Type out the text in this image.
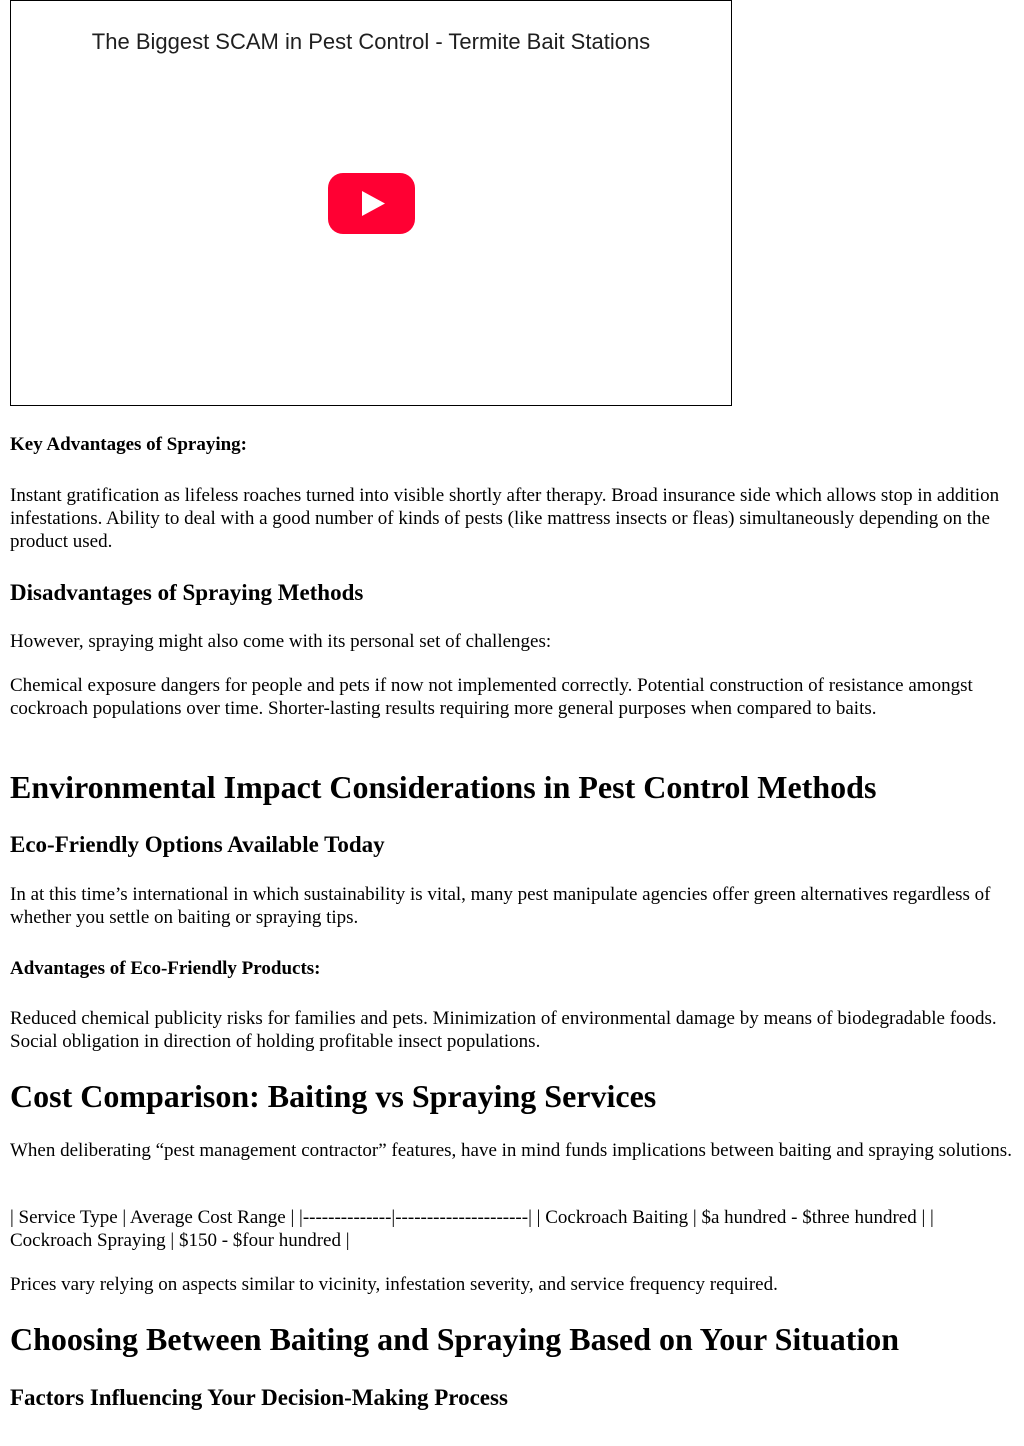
The Biggest SCAM in Pest Control - Termite Bait Stations
Key Advantages of Spraying:

Instant gratification as lifeless roaches turned into visible shortly after therapy. Broad insurance side which allows stop in addition infestations. Ability to deal with a good number of kinds of pests (like mattress insects or fleas) simultaneously depending on the product used.

Disadvantages of Spraying Methods

However, spraying might also come with its personal set of challenges:

Chemical exposure dangers for people and pets if now not implemented correctly. Potential construction of resistance amongst cockroach populations over time. Shorter-lasting results requiring more general purposes when compared to baits.

Environmental Impact Considerations in Pest Control Methods
Eco-Friendly Options Available Today

In at this time’s international in which sustainability is vital, many pest manipulate agencies offer green alternatives regardless of whether you settle on baiting or spraying tips.

Advantages of Eco-Friendly Products:

Reduced chemical publicity risks for families and pets. Minimization of environmental damage by means of biodegradable foods. Social obligation in direction of holding profitable insect populations.

Cost Comparison: Baiting vs Spraying Services

When deliberating “pest management contractor” features, have in mind funds implications between baiting and spraying solutions.

| Service Type | Average Cost Range | |--------------|---------------------| | Cockroach Baiting | $a hundred - $three hundred | | Cockroach Spraying | $150 - $four hundred |

Prices vary relying on aspects similar to vicinity, infestation severity, and service frequency required.

Choosing Between Baiting and Spraying Based on Your Situation
Factors Influencing Your Decision-Making Process
